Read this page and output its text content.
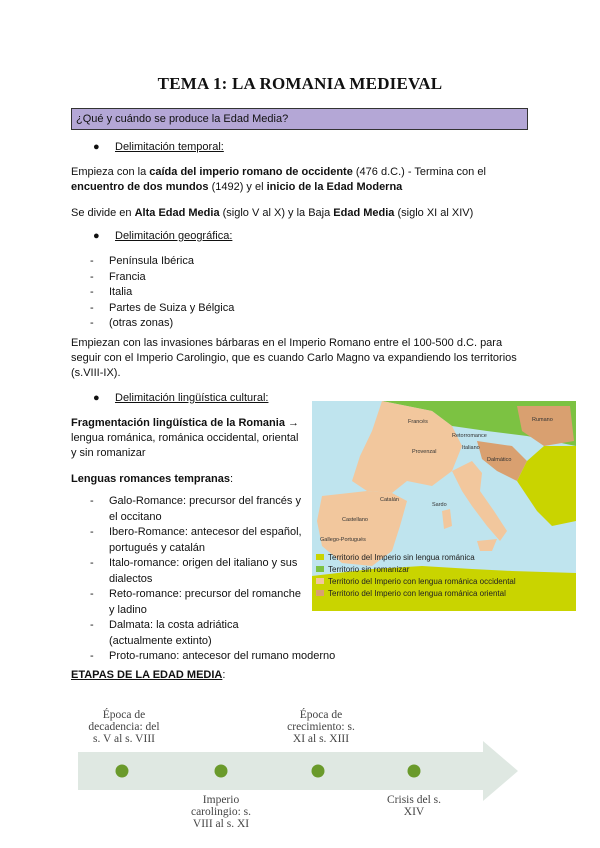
TEMA 1: LA ROMANIA MEDIEVAL
¿Qué y cuándo se produce la Edad Media?
● Delimitación temporal:
Empieza con la caída del imperio romano de occidente (476 d.C.) - Termina con el
encuentro de dos mundos (1492) y el inicio de la Edad Moderna
Se divide en Alta Edad Media (siglo V al X) y la Baja Edad Media (siglo XI al XIV)
● Delimitación geográfica:
- Península Ibérica
- Francia
- Italia
- Partes de Suiza y Bélgica
- (otras zonas)
Empiezan con las invasiones bárbaras en el Imperio Romano entre el 100-500 d.C. para
seguir con el Imperio Carolingio, que es cuando Carlo Magno va expandiendo los territorios
(s.VIII-IX).
● Delimitación lingüística cultural:
Fragmentación lingüística de la Romania →
lengua románica, románica occidental, oriental
y sin romanizar
Lenguas romances tempranas:
- Galo-Romance: precursor del francés y
el occitano
- Ibero-Romance: antecesor del español,
portugués y catalán
- Italo-romance: origen del italiano y sus
dialectos
- Reto-romance: precursor del romanche
y ladino
- Dalmata: la costa adriática
(actualmente extinto)
- Proto-rumano: antecesor del rumano moderno
Francés
Italiano
Provenzal
Castellano
Catalán
Gallego-Portugués
Rumano
Dalmático
Sardo
Retorromance
Territorio del Imperio sin lengua románica
Territorio sin romanizar
Territorio del Imperio con lengua románica occidental
Territorio del Imperio con lengua románica oriental
ETAPAS DE LA EDAD MEDIA:
Época de
decadencia: del
s. V al s. VIII
Época de
crecimiento: s.
XI al s. XIII
Imperio
carolingio: s.
VIII al s. XI
Crisis del s.
XIV
